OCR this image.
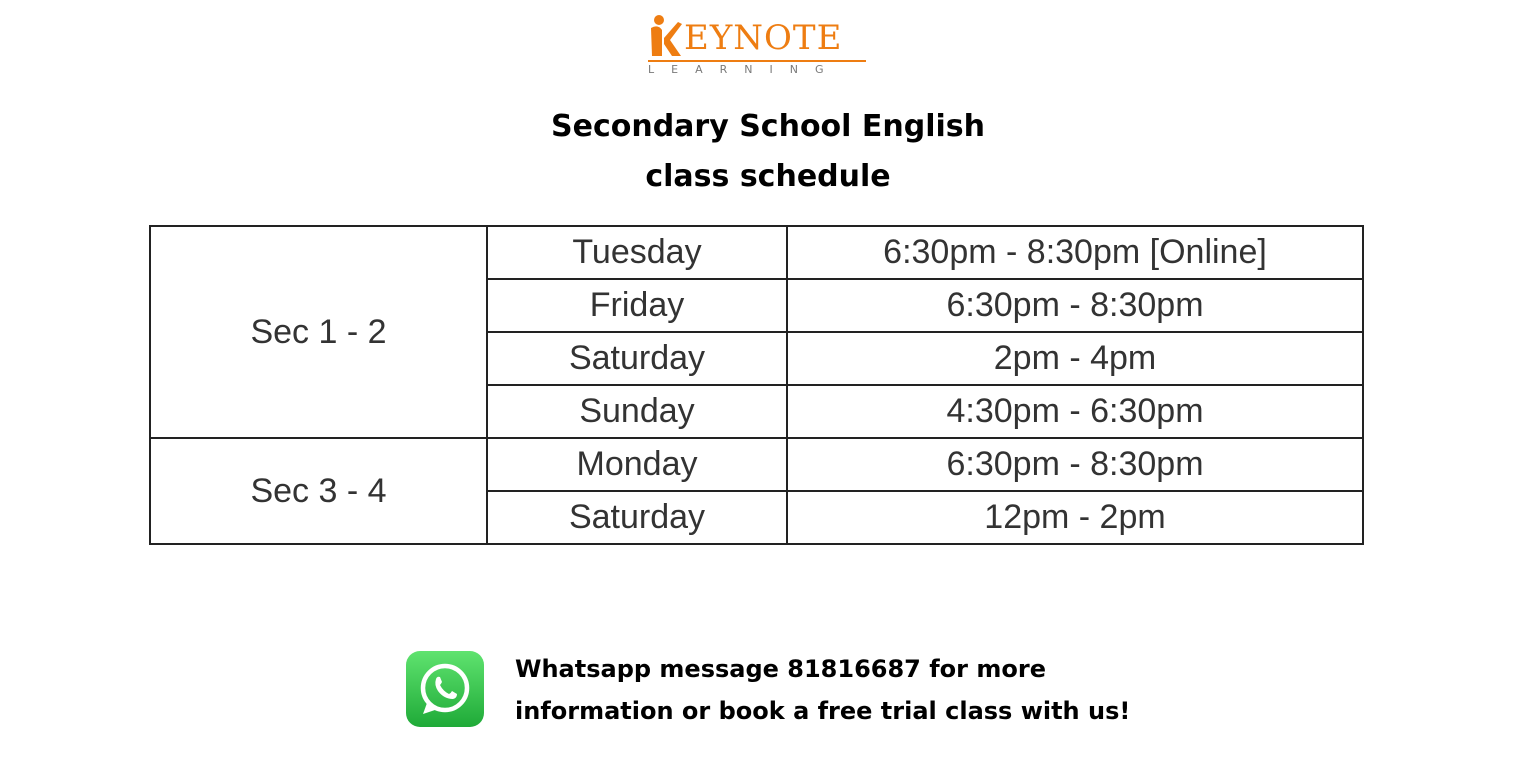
EYNOTE
LEARNING
Secondary School English
class schedule
Sec 1 - 2	Tuesday	6:30pm - 8:30pm [Online]
	Friday	6:30pm - 8:30pm
	Saturday	2pm - 4pm
	Sunday	4:30pm - 6:30pm
Sec 3 - 4	Monday	6:30pm - 8:30pm
	Saturday	12pm - 2pm
Whatsapp message 81816687 for more
information or book a free trial class with us!
